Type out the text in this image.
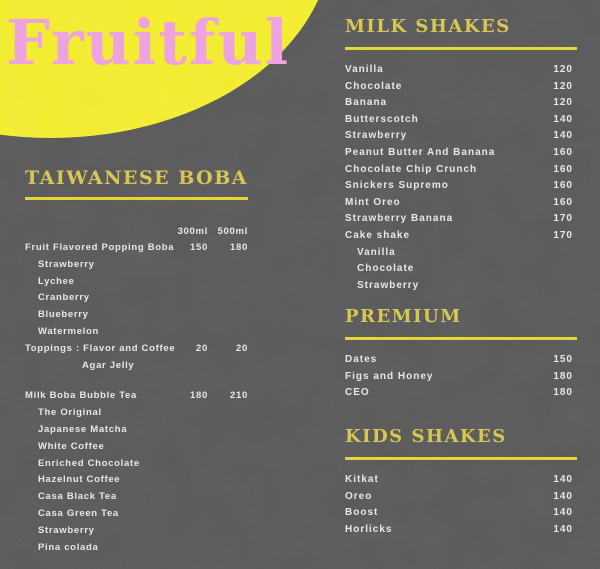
Fruitful
TAIWANESE BOBA
300ml 500ml
Fruit Flavored Popping Boba 150 180
Strawberry
Lychee
Cranberry
Blueberry
Watermelon
Toppings : Flavor and Coffee 20	20
Agar Jelly
Milk Boba Bubble Tea	180 210
The Original
Japanese Matcha
White Coffee
Enriched Chocolate
Hazelnut Coffee
Casa Black Tea
Casa Green Tea
Strawberry
Pina colada
MILK SHAKES
Vanilla	120
Chocolate	120
Banana	120
Butterscotch	140
Strawberry	140
Peanut Butter And Banana	160
Chocolate Chip Crunch	160
Snickers Supremo	160
Mint Oreo	160
Strawberry Banana	170
Cake shake	170
Vanilla
Chocolate
Strawberry
PREMIUM
Dates	150
Figs and Honey	180
CEO	180
KIDS SHAKES
Kitkat	140
Oreo	140
Boost	140
Horlicks	140
